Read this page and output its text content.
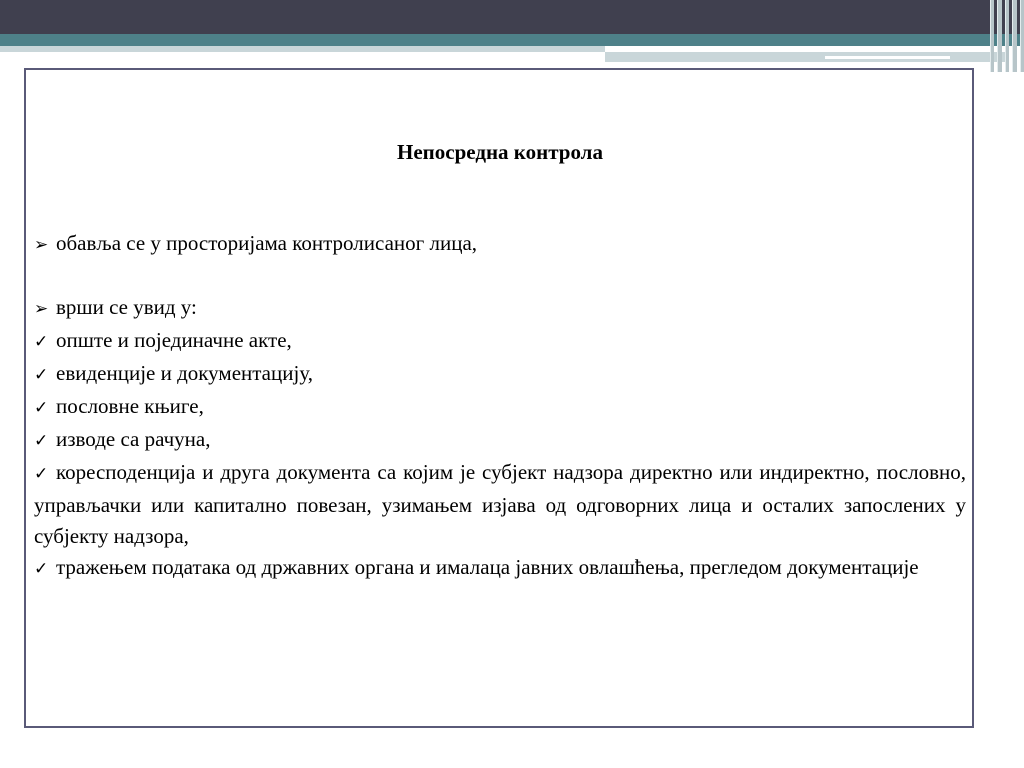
Непосредна контрола
➢ обавља се у просторијама контролисаног лица,
➢ врши се увид у:
✓ опште и појединачне акте,
✓ евиденције и документацију,
✓ пословне књиге,
✓ изводе са рачуна,
✓ коресподенција и друга документа са којим је субјект надзора директно или индиректно, пословно, управљачки или капитално повезан, узимањем изјава од одговорних лица и осталих запослених у субјекту надзора,
✓ тражењем података од државних органа и ималаца јавних овлашћења, прегледом документације
